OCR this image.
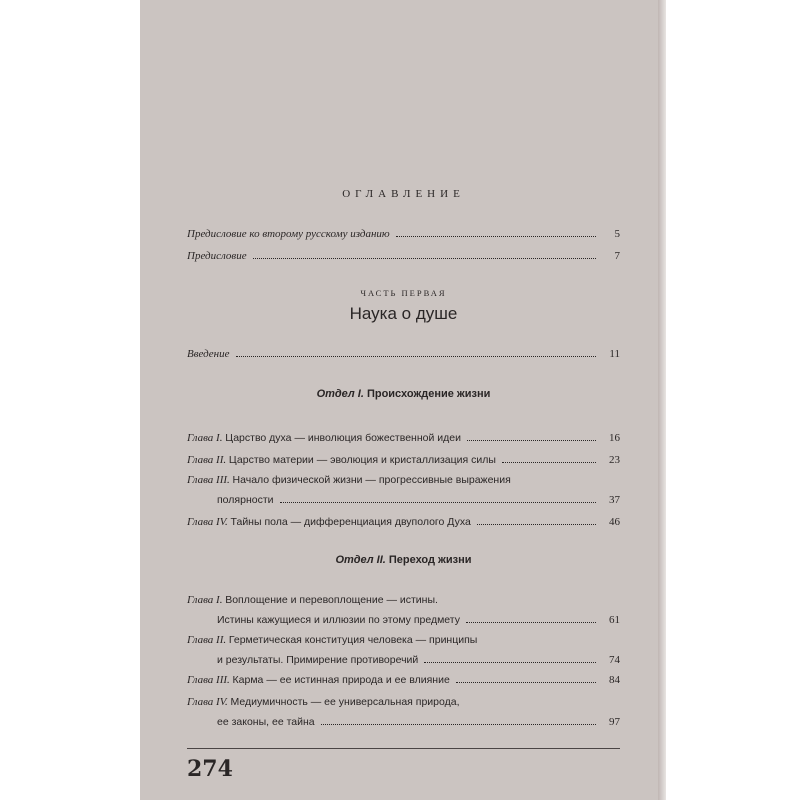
ОГЛАВЛЕНИЕ
Предисловие ко второму русскому изданию	5
Предисловие	7
ЧАСТЬ ПЕРВАЯ
Наука о душе
Введение	11
Отдел I. Происхождение жизни
Глава I. Царство духа — инволюция божественной идеи	16
Глава II. Царство материи — эволюция и кристаллизация силы	23
Глава III. Начало физической жизни — прогрессивные выражения
полярности	37
Глава IV. Тайны пола — дифференциация двуполого Духа	46
Отдел II. Переход жизни
Глава I. Воплощение и перевоплощение — истины.
Истины кажущиеся и иллюзии по этому предмету	61
Глава II. Герметическая конституция человека — принципы
и результаты. Примирение противоречий	74
Глава III. Карма — ее истинная природа и ее влияние	84
Глава IV. Медиумичность — ее универсальная природа,
ее законы, ее тайна	97
274
